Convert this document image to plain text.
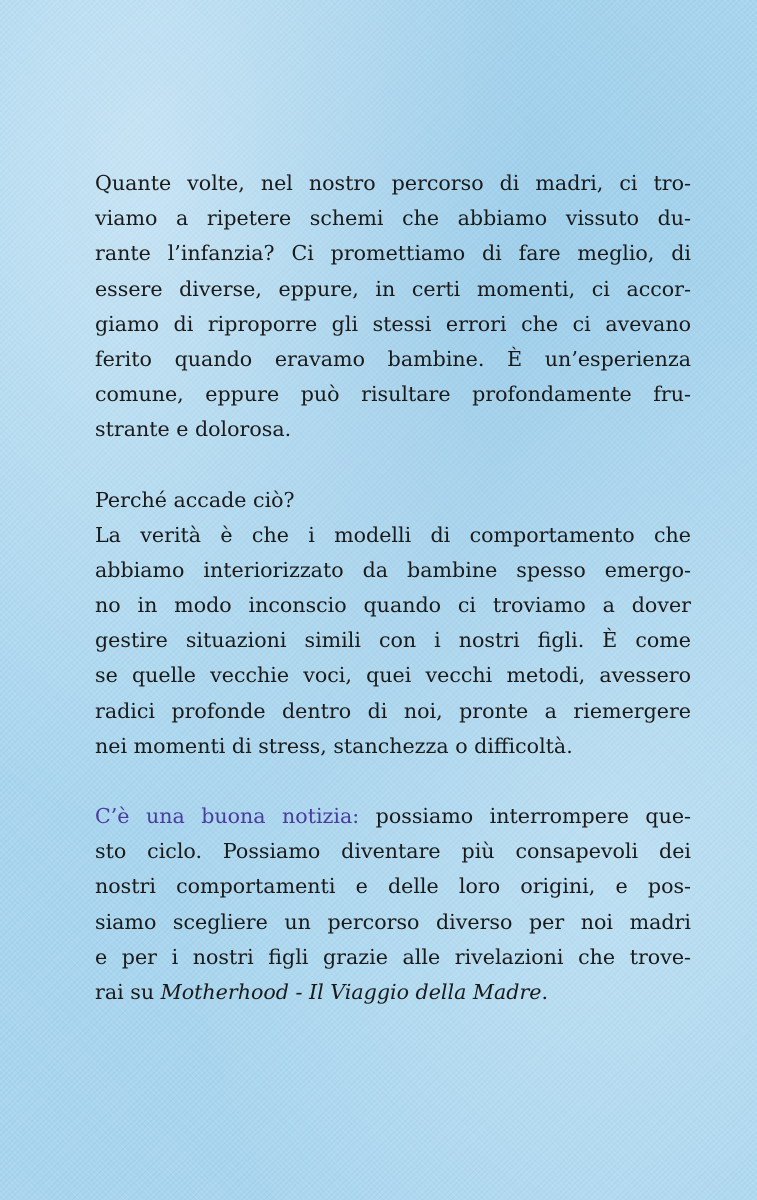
Quante volte, nel nostro percorso di madri, ci tro-
viamo a ripetere schemi che abbiamo vissuto du-
rante l’infanzia? Ci promettiamo di fare meglio, di
essere diverse, eppure, in certi momenti, ci accor-
giamo di riproporre gli stessi errori che ci avevano
ferito quando eravamo bambine. È un’esperienza
comune, eppure può risultare profondamente fru-
strante e dolorosa.
Perché accade ciò?
La verità è che i modelli di comportamento che
abbiamo interiorizzato da bambine spesso emergo-
no in modo inconscio quando ci troviamo a dover
gestire situazioni simili con i nostri figli. È come
se quelle vecchie voci, quei vecchi metodi, avessero
radici profonde dentro di noi, pronte a riemergere
nei momenti di stress, stanchezza o difficoltà.
C’è una buona notizia: possiamo interrompere que-
sto ciclo. Possiamo diventare più consapevoli dei
nostri comportamenti e delle loro origini, e pos-
siamo scegliere un percorso diverso per noi madri
e per i nostri figli grazie alle rivelazioni che trove-
rai su Motherhood - Il Viaggio della Madre.
